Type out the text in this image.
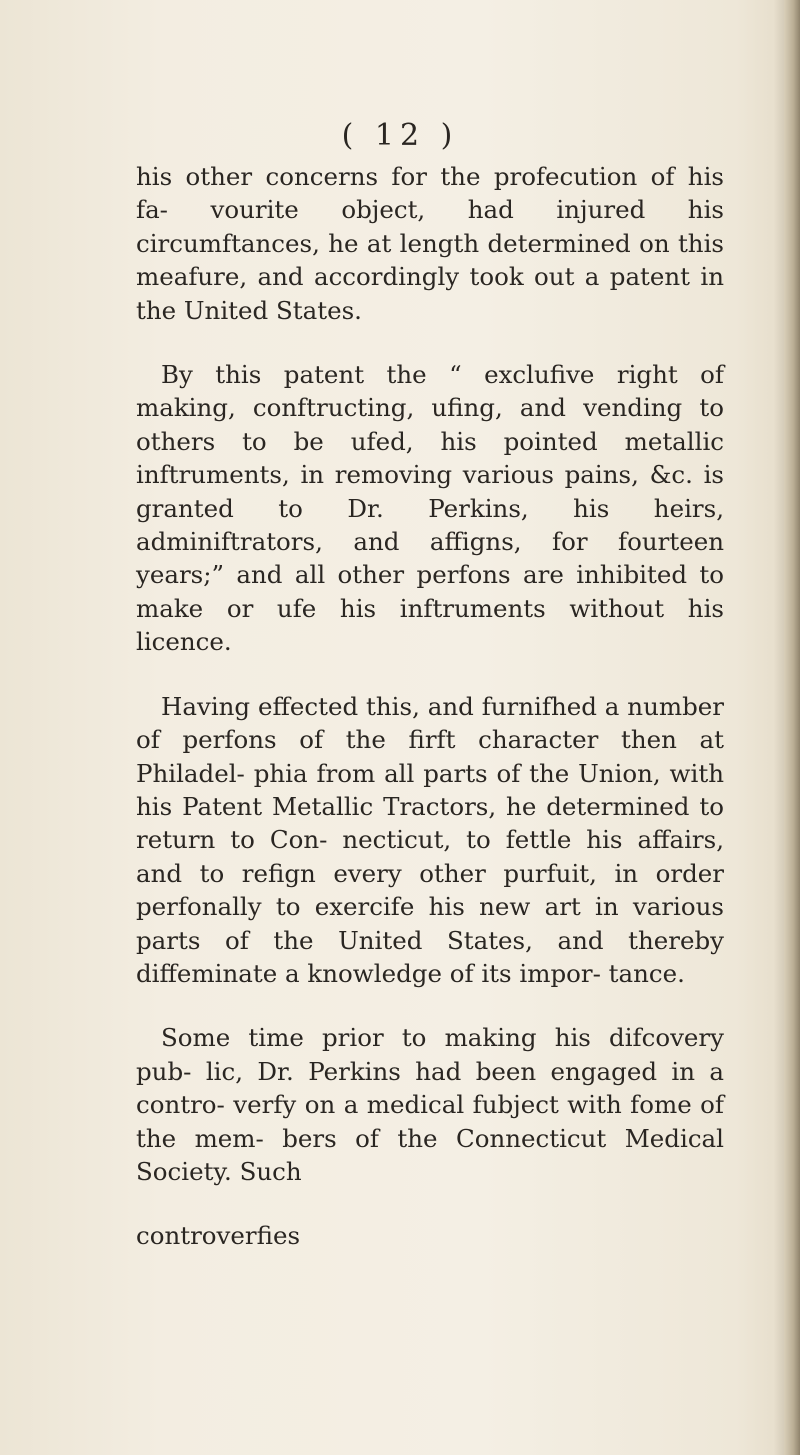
( 12 )

his other concerns for the profecution of his fa- vourite object, had injured his circumftances, he at length determined on this meafure, and accordingly took out a patent in the United States.

By this patent the “ exclufive right of making, conftructing, ufing, and vending to others to be ufed, his pointed metallic inftruments, in removing various pains, &c. is granted to Dr. Perkins, his heirs, adminiftrators, and affigns, for fourteen years;” and all other perfons are inhibited to make or ufe his inftruments without his licence.

Having effected this, and furnifhed a number of perfons of the firft character then at Philadel- phia from all parts of the Union, with his Patent Metallic Tractors, he determined to return to Con- necticut, to fettle his affairs, and to refign every other purfuit, in order perfonally to exercife his new art in various parts of the United States, and thereby diffeminate a knowledge of its impor- tance.

Some time prior to making his difcovery pub- lic, Dr. Perkins had been engaged in a contro- verfy on a medical fubject with fome of the mem- bers of the Connecticut Medical Society. Such

controverfies
